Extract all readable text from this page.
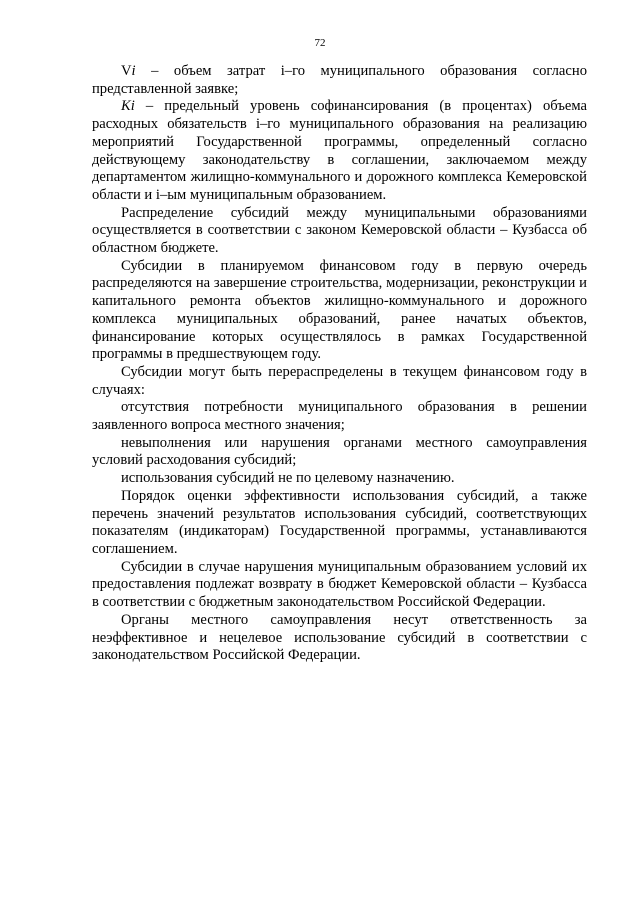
72

Vi – объем затрат i–го муниципального образования согласно представленной заявке;

Ki – предельный уровень софинансирования (в процентах) объема расходных обязательств i–го муниципального образования на реализацию мероприятий Государственной программы, определенный согласно действующему законодательству в соглашении, заключаемом между департаментом жилищно-коммунального и дорожного комплекса Кемеровской области и i–ым муниципальным образованием.

Распределение субсидий между муниципальными образованиями осуществляется в соответствии с законом Кемеровской области – Кузбасса об областном бюджете.

Субсидии в планируемом финансовом году в первую очередь распределяются на завершение строительства, модернизации, реконструкции и капитального ремонта объектов жилищно-коммунального и дорожного комплекса муниципальных образований, ранее начатых объектов, финансирование которых осуществлялось в рамках Государственной программы в предшествующем году.

Субсидии могут быть перераспределены в текущем финансовом году в случаях:

отсутствия потребности муниципального образования в решении заявленного вопроса местного значения;

невыполнения или нарушения органами местного самоуправления условий расходования субсидий;

использования субсидий не по целевому назначению.

Порядок оценки эффективности использования субсидий, а также перечень значений результатов использования субсидий, соответствующих показателям (индикаторам) Государственной программы, устанавливаются соглашением.

Субсидии в случае нарушения муниципальным образованием условий их предоставления подлежат возврату в бюджет Кемеровской области – Кузбасса в соответствии с бюджетным законодательством Российской Федерации.

Органы местного самоуправления несут ответственность за неэффективное и нецелевое использование субсидий в соответствии с законодательством Российской Федерации.
